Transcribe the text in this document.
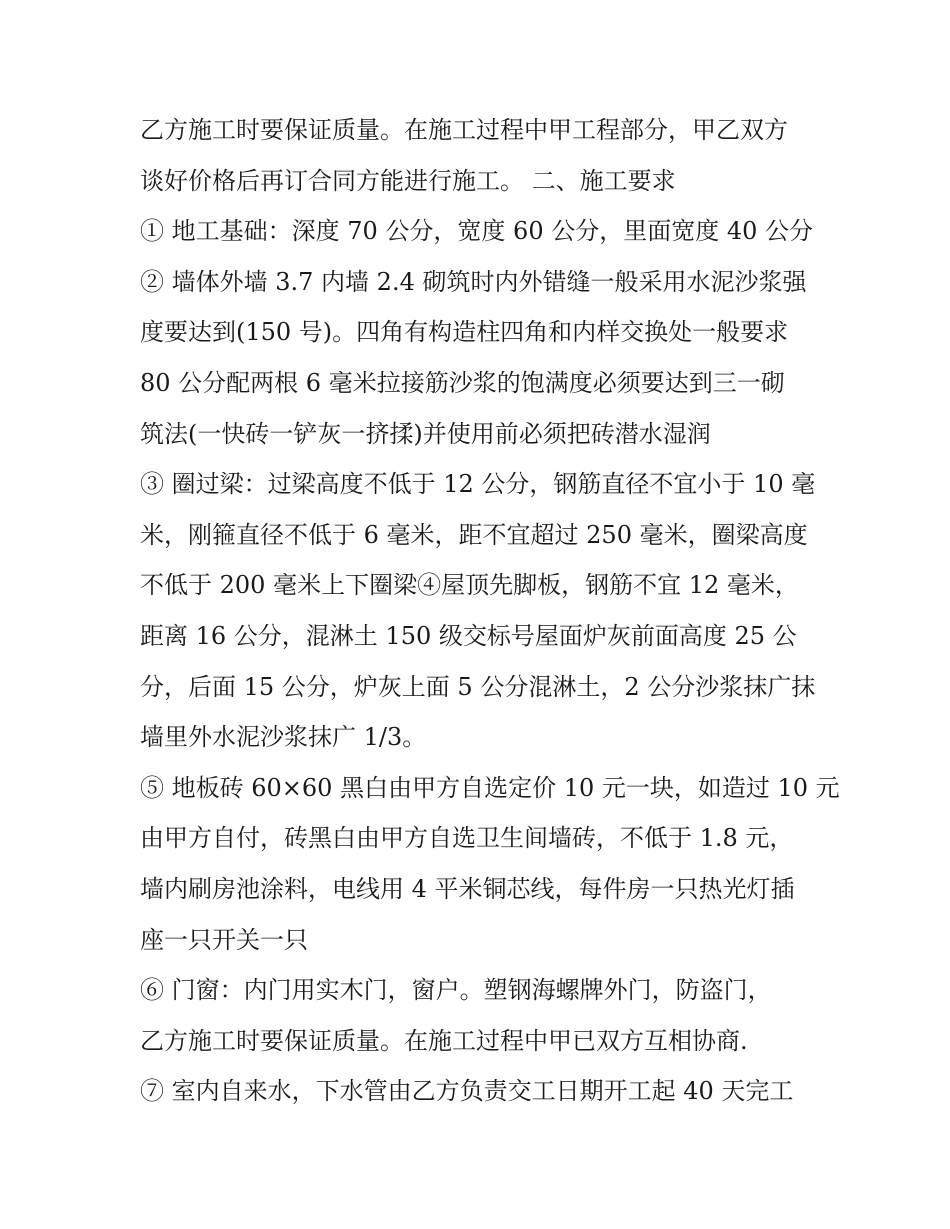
乙方施工时要保证质量。在施工过程中甲工程部分，甲乙双方
谈好价格后再订合同方能进行施工。 二、施工要求
① 地工基础：深度 70 公分，宽度 60 公分，里面宽度 40 公分
② 墙体外墙 3.7 内墙 2.4 砌筑时内外错缝一般采用水泥沙浆强
度要达到(150 号)。四角有构造柱四角和内样交换处一般要求
80 公分配两根 6 毫米拉接筋沙浆的饱满度必须要达到三一砌
筑法(一快砖一铲灰一挤揉)并使用前必须把砖潜水湿润
③ 圈过梁：过梁高度不低于 12 公分，钢筋直径不宜小于 10 毫
米，刚箍直径不低于 6 毫米，距不宜超过 250 毫米，圈梁高度
不低于 200 毫米上下圈梁④屋顶先脚板，钢筋不宜 12 毫米，
距离 16 公分，混淋土 150 级交标号屋面炉灰前面高度 25 公
分，后面 15 公分，炉灰上面 5 公分混淋土，2 公分沙浆抹广抹
墙里外水泥沙浆抹广 1/3。
⑤ 地板砖 60×60 黑白由甲方自选定价 10 元一块，如造过 10 元
由甲方自付，砖黑白由甲方自选卫生间墙砖，不低于 1.8 元，
墙内刷房池涂料，电线用 4 平米铜芯线，每件房一只热光灯插
座一只开关一只
⑥ 门窗：内门用实木门，窗户。塑钢海螺牌外门，防盗门，
乙方施工时要保证质量。在施工过程中甲已双方互相协商.
⑦ 室内自来水，下水管由乙方负责交工日期开工起 40 天完工
